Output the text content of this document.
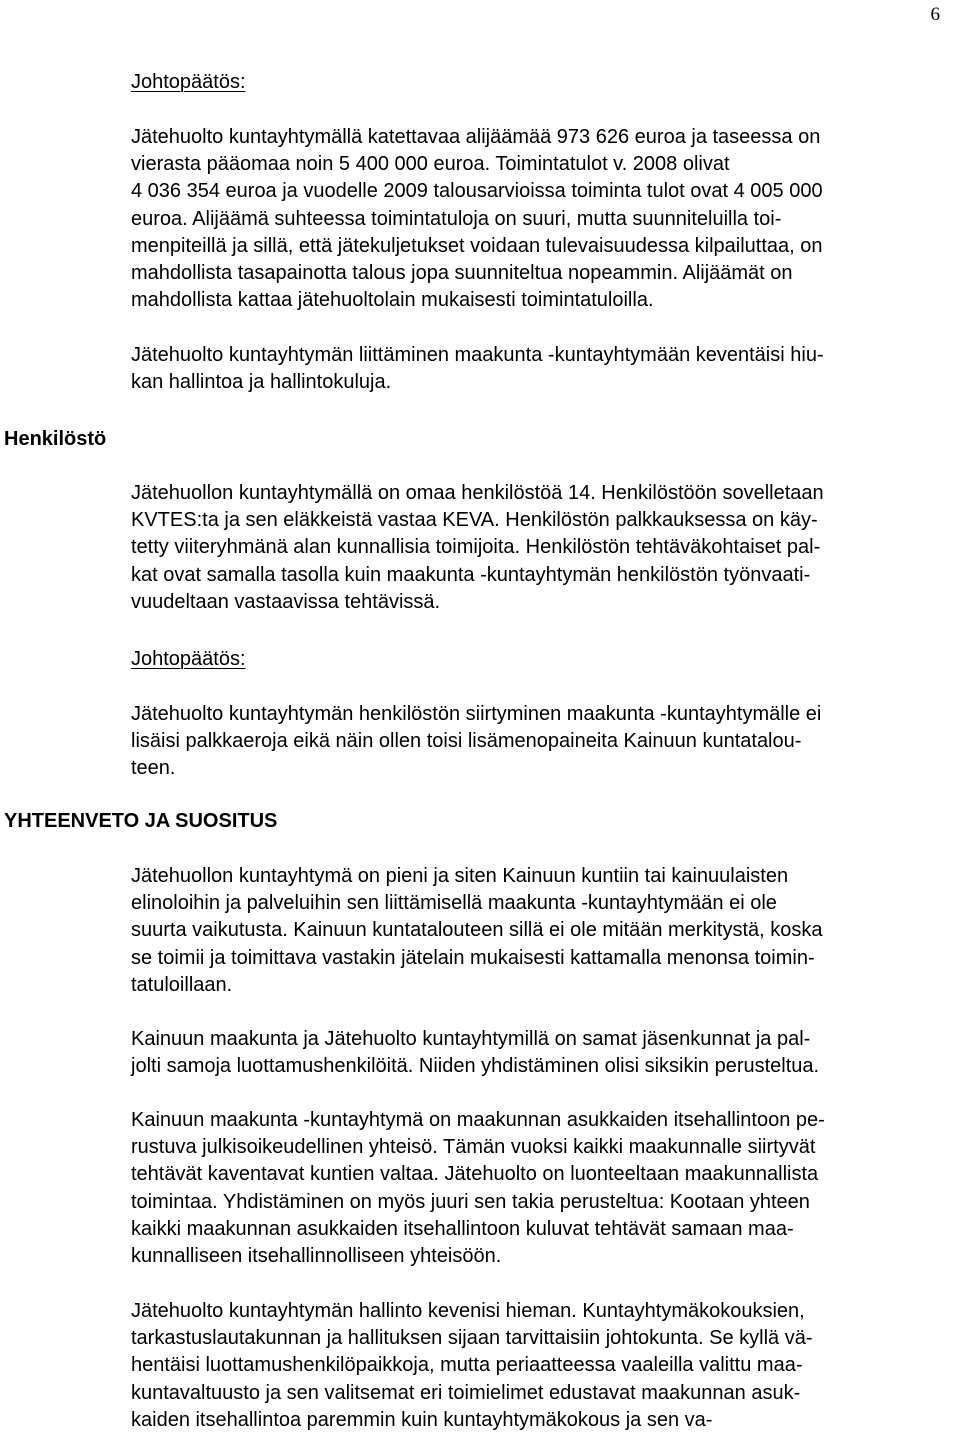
6
Johtopäätös:

Jätehuolto kuntayhtymällä katettavaa alijäämää 973 626 euroa ja taseessa on
vierasta pääomaa noin 5 400 000 euroa. Toimintatulot v. 2008 olivat
4 036 354 euroa ja vuodelle 2009 talousarvioissa toiminta tulot ovat 4 005 000
euroa. Alijäämä suhteessa toimintatuloja on suuri, mutta suunniteluilla toi-
menpiteillä ja sillä, että jätekuljetukset voidaan tulevaisuudessa kilpailuttaa, on
mahdollista tasapainotta talous jopa suunniteltua nopeammin. Alijäämät on
mahdollista kattaa jätehuoltolain mukaisesti toimintatuloilla.

Jätehuolto kuntayhtymän liittäminen maakunta -kuntayhtymään keventäisi hiu-
kan hallintoa ja hallintokuluja.

Henkilöstö

Jätehuollon kuntayhtymällä on omaa henkilöstöä 14. Henkilöstöön sovelletaan
KVTES:ta ja sen eläkkeistä vastaa KEVA. Henkilöstön palkkauksessa on käy-
tetty viiteryhmänä alan kunnallisia toimijoita. Henkilöstön tehtäväkohtaiset pal-
kat ovat samalla tasolla kuin maakunta -kuntayhtymän henkilöstön työnvaati-
vuudeltaan vastaavissa tehtävissä.

Johtopäätös:

Jätehuolto kuntayhtymän henkilöstön siirtyminen maakunta -kuntayhtymälle ei
lisäisi palkkaeroja eikä näin ollen toisi lisämenopaineita Kainuun kuntatalou-
teen.

YHTEENVETO JA SUOSITUS

Jätehuollon kuntayhtymä on pieni ja siten Kainuun kuntiin tai kainuulaisten
elinoloihin ja palveluihin sen liittämisellä maakunta -kuntayhtymään ei ole
suurta vaikutusta. Kainuun kuntatalouteen sillä ei ole mitään merkitystä, koska
se toimii ja toimittava vastakin jätelain mukaisesti kattamalla menonsa toimin-
tatuloillaan.

Kainuun maakunta ja Jätehuolto kuntayhtymillä on samat jäsenkunnat ja pal-
jolti samoja luottamushenkilöitä. Niiden yhdistäminen olisi siksikin perusteltua.

Kainuun maakunta -kuntayhtymä on maakunnan asukkaiden itsehallintoon pe-
rustuva julkisoikeudellinen yhteisö. Tämän vuoksi kaikki maakunnalle siirtyvät
tehtävät kaventavat kuntien valtaa. Jätehuolto on luonteeltaan maakunnallista
toimintaa. Yhdistäminen on myös juuri sen takia perusteltua: Kootaan yhteen
kaikki maakunnan asukkaiden itsehallintoon kuluvat tehtävät samaan maa-
kunnalliseen itsehallinnolliseen yhteisöön.

Jätehuolto kuntayhtymän hallinto kevenisi hieman. Kuntayhtymäkokouksien,
tarkastuslautakunnan ja hallituksen sijaan tarvittaisiin johtokunta. Se kyllä vä-
hentäisi luottamushenkilöpaikkoja, mutta periaatteessa vaaleilla valittu maa-
kuntavaltuusto ja sen valitsemat eri toimielimet edustavat maakunnan asuk-
kaiden itsehallintoa paremmin kuin kuntayhtymäkokous ja sen va-
